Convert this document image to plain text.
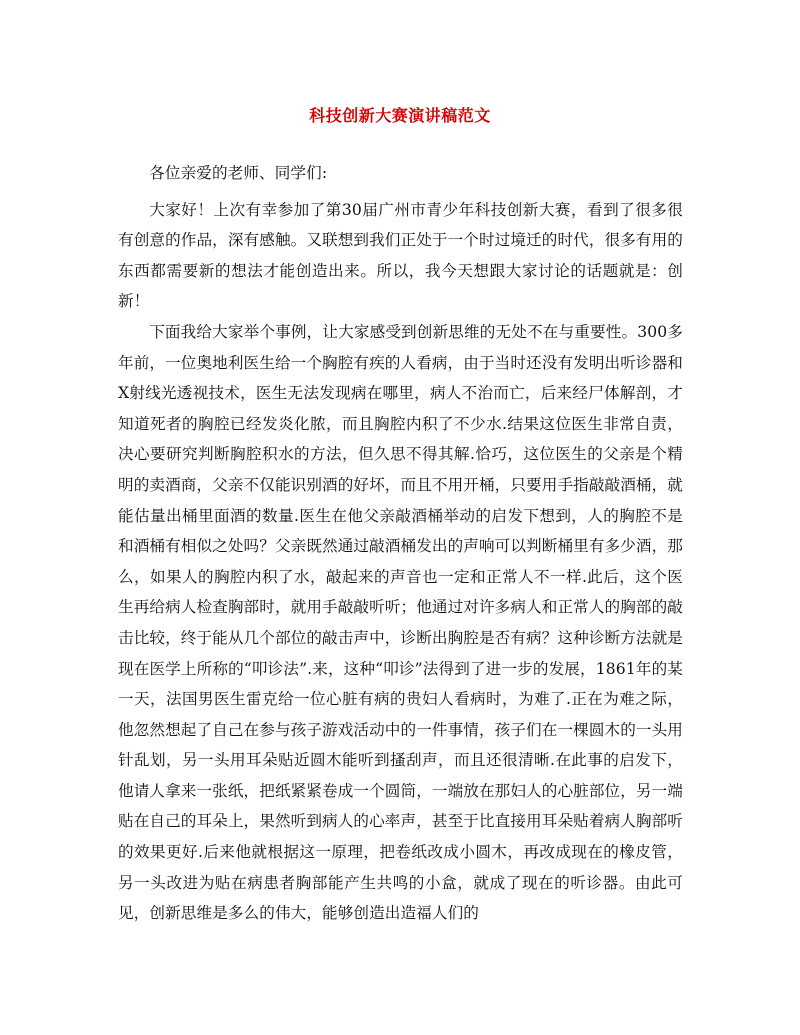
科技创新大赛演讲稿范文

各位亲爱的老师、同学们:

大家好！上次有幸参加了第30届广州市青少年科技创新大赛，看到了很多很有创意的作品，深有感触。又联想到我们正处于一个时过境迁的时代，很多有用的东西都需要新的想法才能创造出来。所以，我今天想跟大家讨论的话题就是：创新！

下面我给大家举个事例，让大家感受到创新思维的无处不在与重要性。300多年前，一位奥地利医生给一个胸腔有疾的人看病，由于当时还没有发明出听诊器和X射线光透视技术，医生无法发现病在哪里，病人不治而亡，后来经尸体解剖，才知道死者的胸腔已经发炎化脓，而且胸腔内积了不少水.结果这位医生非常自责，决心要研究判断胸腔积水的方法，但久思不得其解.恰巧，这位医生的父亲是个精明的卖酒商，父亲不仅能识别酒的好坏，而且不用开桶，只要用手指敲敲酒桶，就能估量出桶里面酒的数量.医生在他父亲敲酒桶举动的启发下想到，人的胸腔不是和酒桶有相似之处吗？父亲既然通过敲酒桶发出的声响可以判断桶里有多少酒，那么，如果人的胸腔内积了水，敲起来的声音也一定和正常人不一样.此后，这个医生再给病人检查胸部时，就用手敲敲听听；他通过对许多病人和正常人的胸部的敲击比较，终于能从几个部位的敲击声中，诊断出胸腔是否有病？这种诊断方法就是现在医学上所称的“叩诊法”.来，这种“叩诊”法得到了进一步的发展，1861年的某一天，法国男医生雷克给一位心脏有病的贵妇人看病时，为难了.正在为难之际，他忽然想起了自己在参与孩子游戏活动中的一件事情，孩子们在一棵圆木的一头用针乱划，另一头用耳朵贴近圆木能听到搔刮声，而且还很清晰.在此事的启发下，他请人拿来一张纸，把纸紧紧卷成一个圆筒，一端放在那妇人的心脏部位，另一端贴在自己的耳朵上，果然听到病人的心率声，甚至于比直接用耳朵贴着病人胸部听的效果更好.后来他就根据这一原理，把卷纸改成小圆木，再改成现在的橡皮管，另一头改进为贴在病患者胸部能产生共鸣的小盒，就成了现在的听诊器。由此可见，创新思维是多么的伟大，能够创造出造福人们的
